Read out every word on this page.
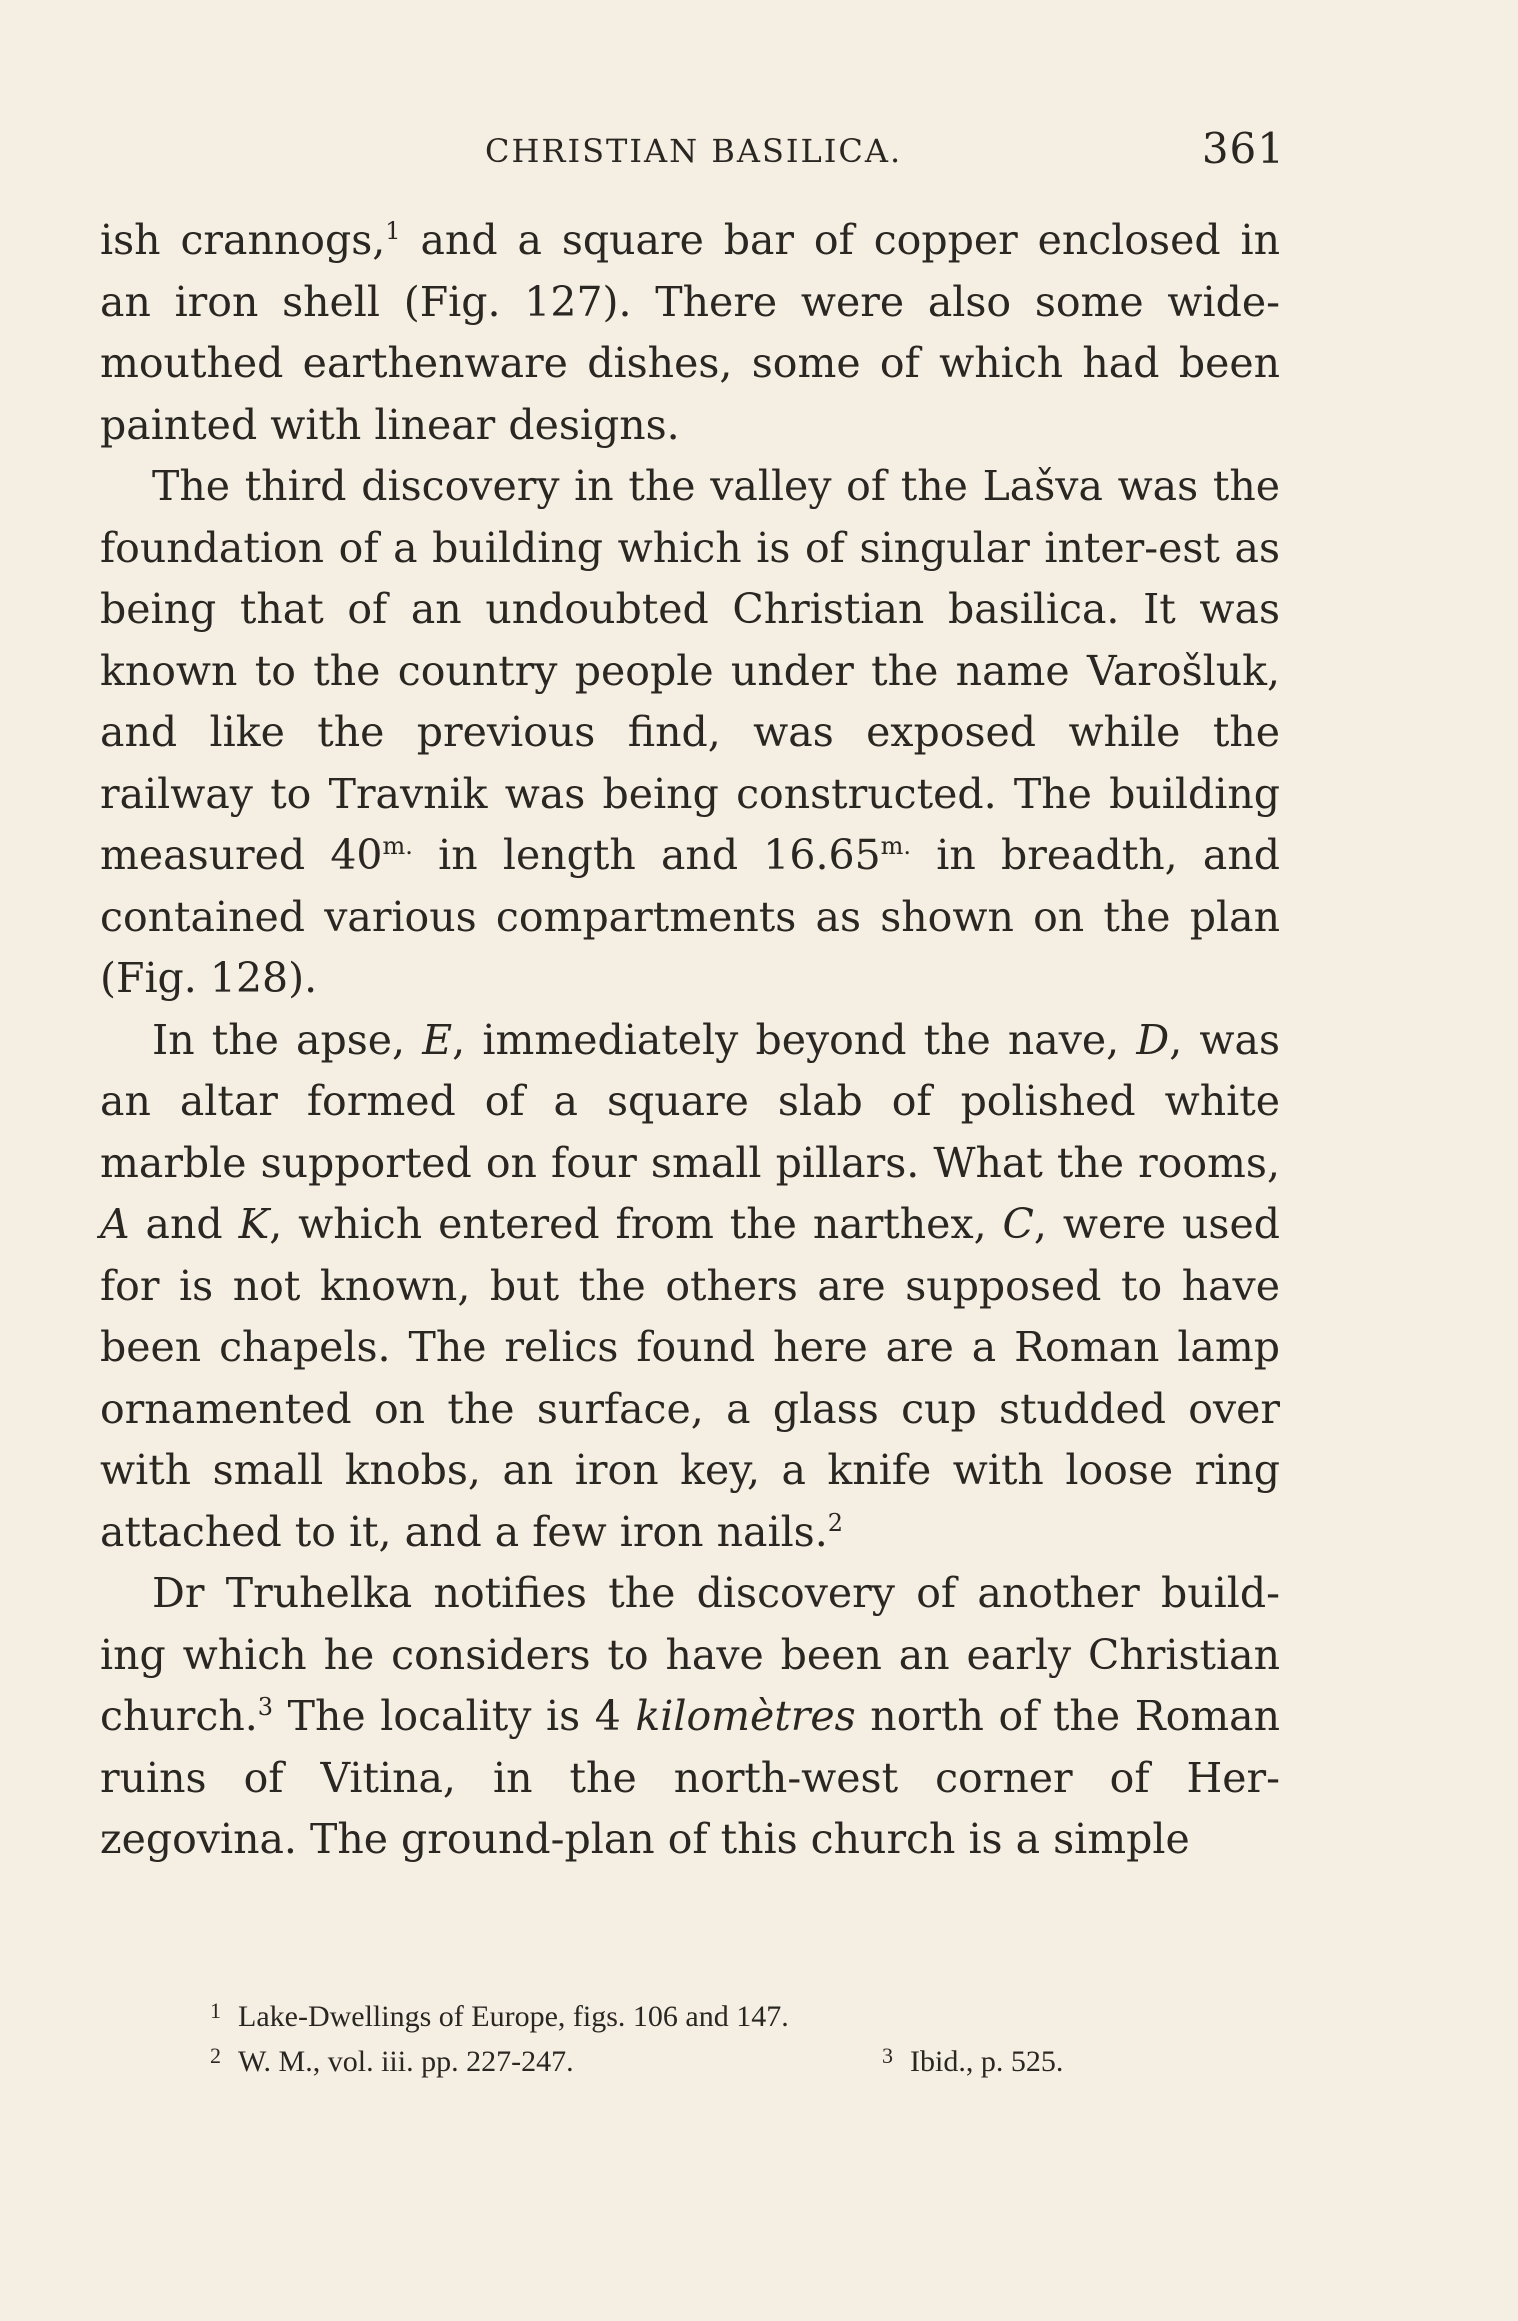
CHRISTIAN BASILICA.	361

ish crannogs,$^1$ and a square bar of copper enclosed in an iron shell (Fig. 127). There were also some wide-mouthed earthenware dishes, some of which had been painted with linear designs.

The third discovery in the valley of the Lašva was the foundation of a building which is of singular inter-est as being that of an undoubted Christian basilica. It was known to the country people under the name Varošluk, and like the previous find, was exposed while the railway to Travnik was being constructed. The building measured $40^{m.}$ in length and $16.65^{m.}$ in breadth, and contained various compartments as shown on the plan (Fig. 128).

In the apse, E, immediately beyond the nave, D, was an altar formed of a square slab of polished white marble supported on four small pillars. What the rooms, A and K, which entered from the narthex, C, were used for is not known, but the others are supposed to have been chapels. The relics found here are a Roman lamp ornamented on the surface, a glass cup studded over with small knobs, an iron key, a knife with loose ring attached to it, and a few iron nails.$^2$

Dr Truhelka notifies the discovery of another build-ing which he considers to have been an early Christian church.$^3$ The locality is 4 kilomètres north of the Roman ruins of Vitina, in the north-west corner of Her-zegovina. The ground-plan of this church is a simple

1 Lake-Dwellings of Europe, figs. 106 and 147.
2 W. M., vol. iii. pp. 227-247.	3 Ibid., p. 525.
